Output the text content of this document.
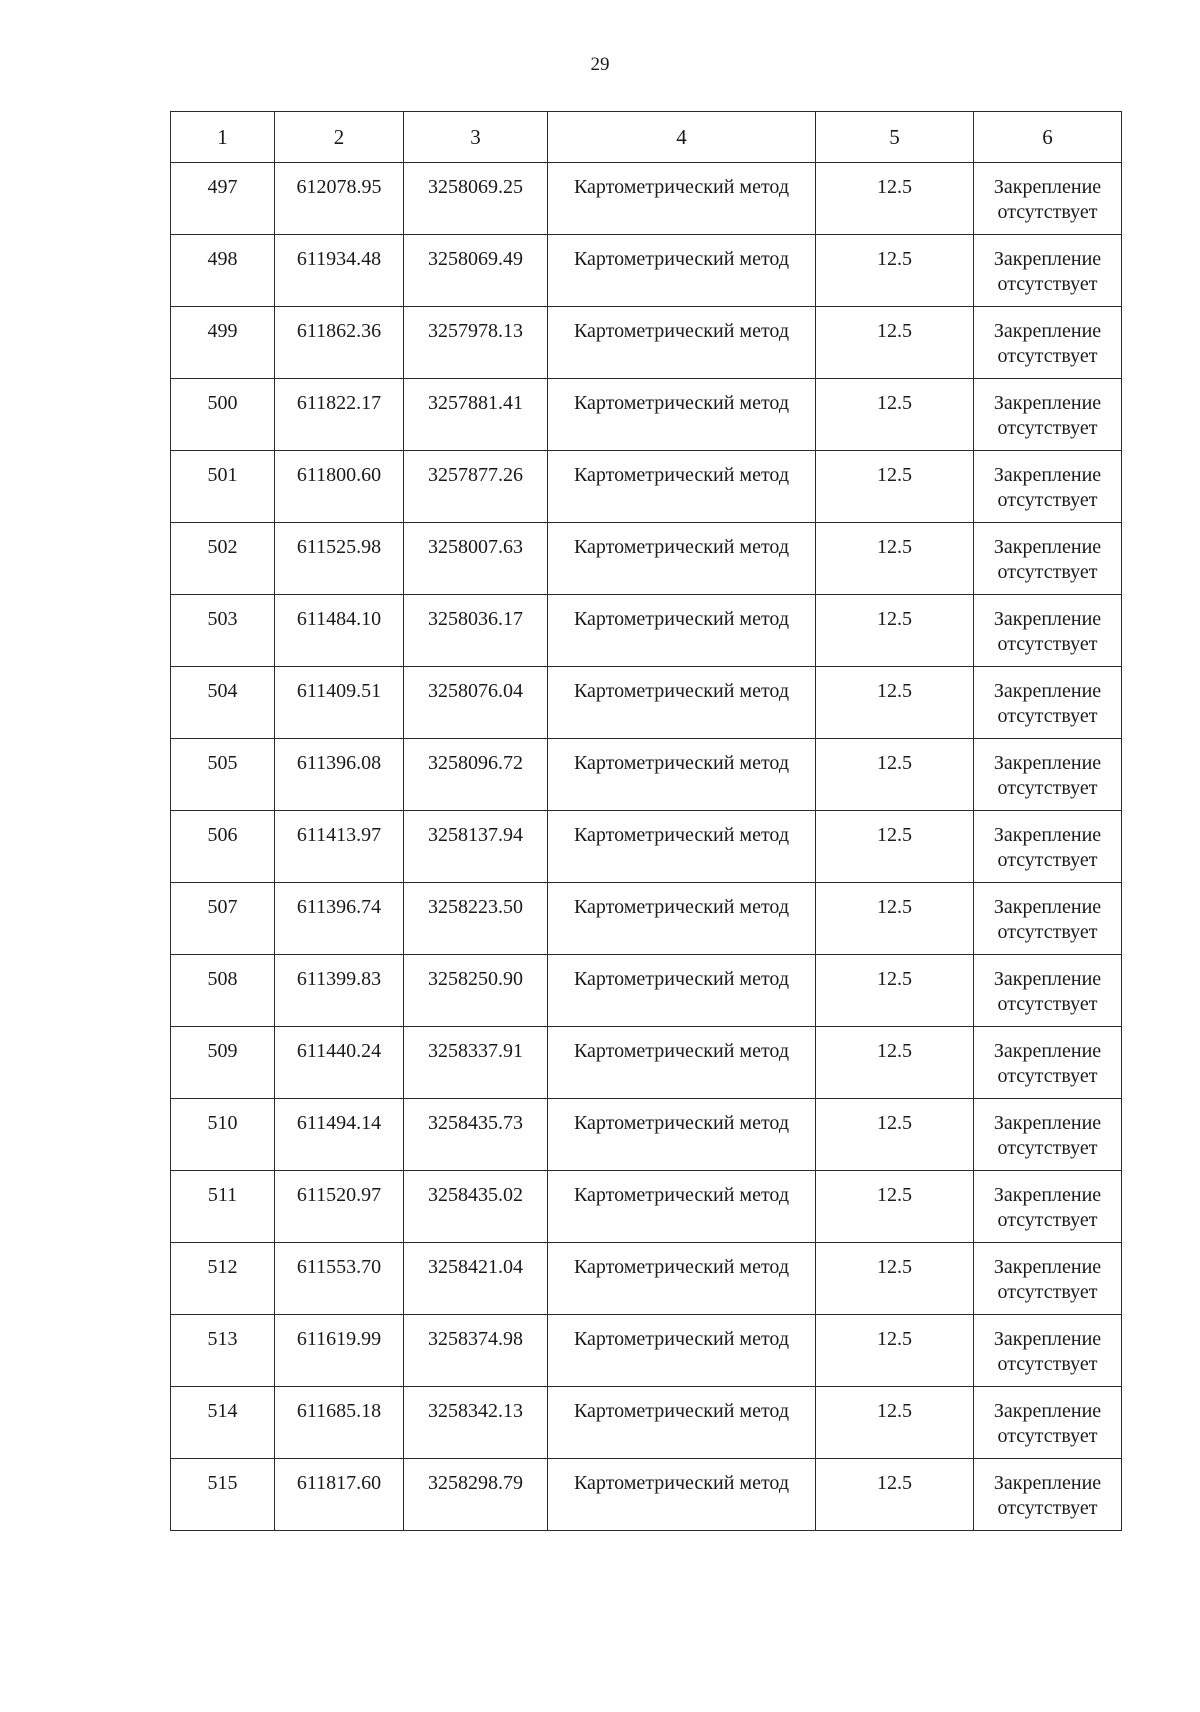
29
1	2	3	4	5	6
497	612078.95	3258069.25	Картометрический метод	12.5	Закрепление
отсутствует

498	611934.48	3258069.49	Картометрический метод	12.5	Закрепление
отсутствует

499	611862.36	3257978.13	Картометрический метод	12.5	Закрепление
отсутствует

500	611822.17	3257881.41	Картометрический метод	12.5	Закрепление
отсутствует

501	611800.60	3257877.26	Картометрический метод	12.5	Закрепление
отсутствует

502	611525.98	3258007.63	Картометрический метод	12.5	Закрепление
отсутствует

503	611484.10	3258036.17	Картометрический метод	12.5	Закрепление
отсутствует

504	611409.51	3258076.04	Картометрический метод	12.5	Закрепление
отсутствует

505	611396.08	3258096.72	Картометрический метод	12.5	Закрепление
отсутствует

506	611413.97	3258137.94	Картометрический метод	12.5	Закрепление
отсутствует

507	611396.74	3258223.50	Картометрический метод	12.5	Закрепление
отсутствует

508	611399.83	3258250.90	Картометрический метод	12.5	Закрепление
отсутствует

509	611440.24	3258337.91	Картометрический метод	12.5	Закрепление
отсутствует

510	611494.14	3258435.73	Картометрический метод	12.5	Закрепление
отсутствует

511	611520.97	3258435.02	Картометрический метод	12.5	Закрепление
отсутствует

512	611553.70	3258421.04	Картометрический метод	12.5	Закрепление
отсутствует

513	611619.99	3258374.98	Картометрический метод	12.5	Закрепление
отсутствует

514	611685.18	3258342.13	Картометрический метод	12.5	Закрепление
отсутствует

515	611817.60	3258298.79	Картометрический метод	12.5	Закрепление
отсутствует
